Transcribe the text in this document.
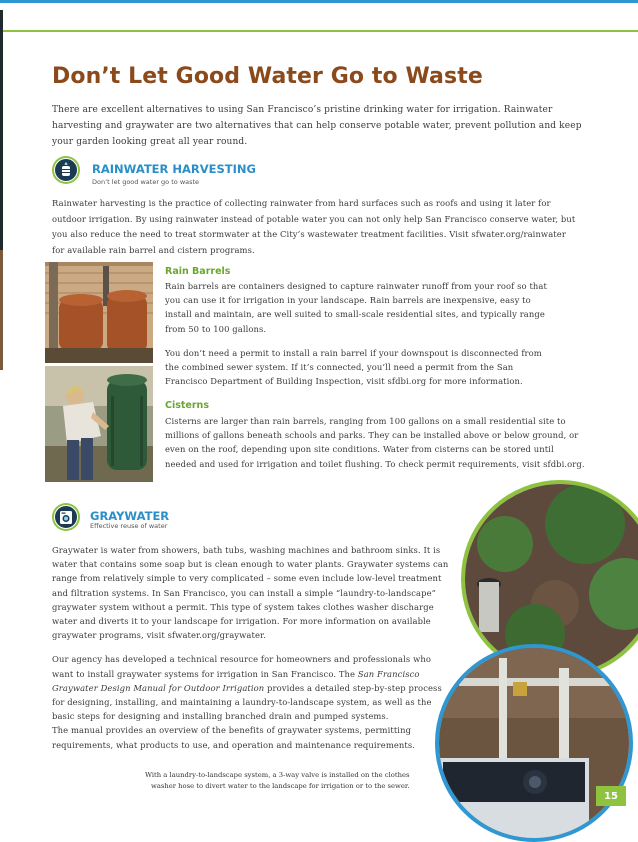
Don’t Let Good Water Go to Waste

There are excellent alternatives to using San Francisco’s pristine drinking water for irrigation. Rainwater harvesting and graywater are two alternatives that can help conserve potable water, prevent pollution and keep your garden looking great all year round.

RAINWATER HARVESTING
Don’t let good water go to waste

Rainwater harvesting is the practice of collecting rainwater from hard surfaces such as roofs and using it later for outdoor irrigation. By using rainwater instead of potable water you can not only help San Francisco conserve water, but you also reduce the need to treat stormwater at the City’s wastewater treatment facilities. Visit sfwater.org/rainwater for available rain barrel and cistern programs.

Rain Barrels

Rain barrels are containers designed to capture rainwater runoff from your roof so that you can use it for irrigation in your landscape. Rain barrels are inexpensive, easy to install and maintain, are well suited to small-scale residential sites, and typically range from 50 to 100 gallons.

You don’t need a permit to install a rain barrel if your downspout is disconnected from the combined sewer system. If it’s connected, you’ll need a permit from the San Francisco Department of Building Inspection, visit sfdbi.org for more information.

Cisterns

Cisterns are larger than rain barrels, ranging from 100 gallons on a small residential site to millions of gallons beneath schools and parks. They can be installed above or below ground, or even on the roof, depending upon site conditions. Water from cisterns can be stored until needed and used for irrigation and toilet flushing. To check permit requirements, visit sfdbi.org.

GRAYWATER
Effective reuse of water

Graywater is water from showers, bath tubs, washing machines and bathroom sinks. It is water that contains some soap but is clean enough to water plants. Graywater systems can range from relatively simple to very complicated – some even include low-level treatment and filtration systems. In San Francisco, you can install a simple “laundry-to-landscape” graywater system without a permit. This type of system takes clothes washer discharge water and diverts it to your landscape for irrigation. For more information on available graywater programs, visit sfwater.org/graywater.

Our agency has developed a technical resource for homeowners and professionals who want to install graywater systems for irrigation in San Francisco. The San Francisco Graywater Design Manual for Outdoor Irrigation provides a detailed step-by-step process for designing, installing, and maintaining a laundry-to-landscape system, as well as the basic steps for designing and installing branched drain and pumped systems.

The manual provides an overview of the benefits of graywater systems, permitting requirements, what products to use, and operation and maintenance requirements.

With a laundry-to-landscape system, a 3-way valve is installed on the clothes
washer hose to divert water to the landscape for irrigation or to the sewer.
15
